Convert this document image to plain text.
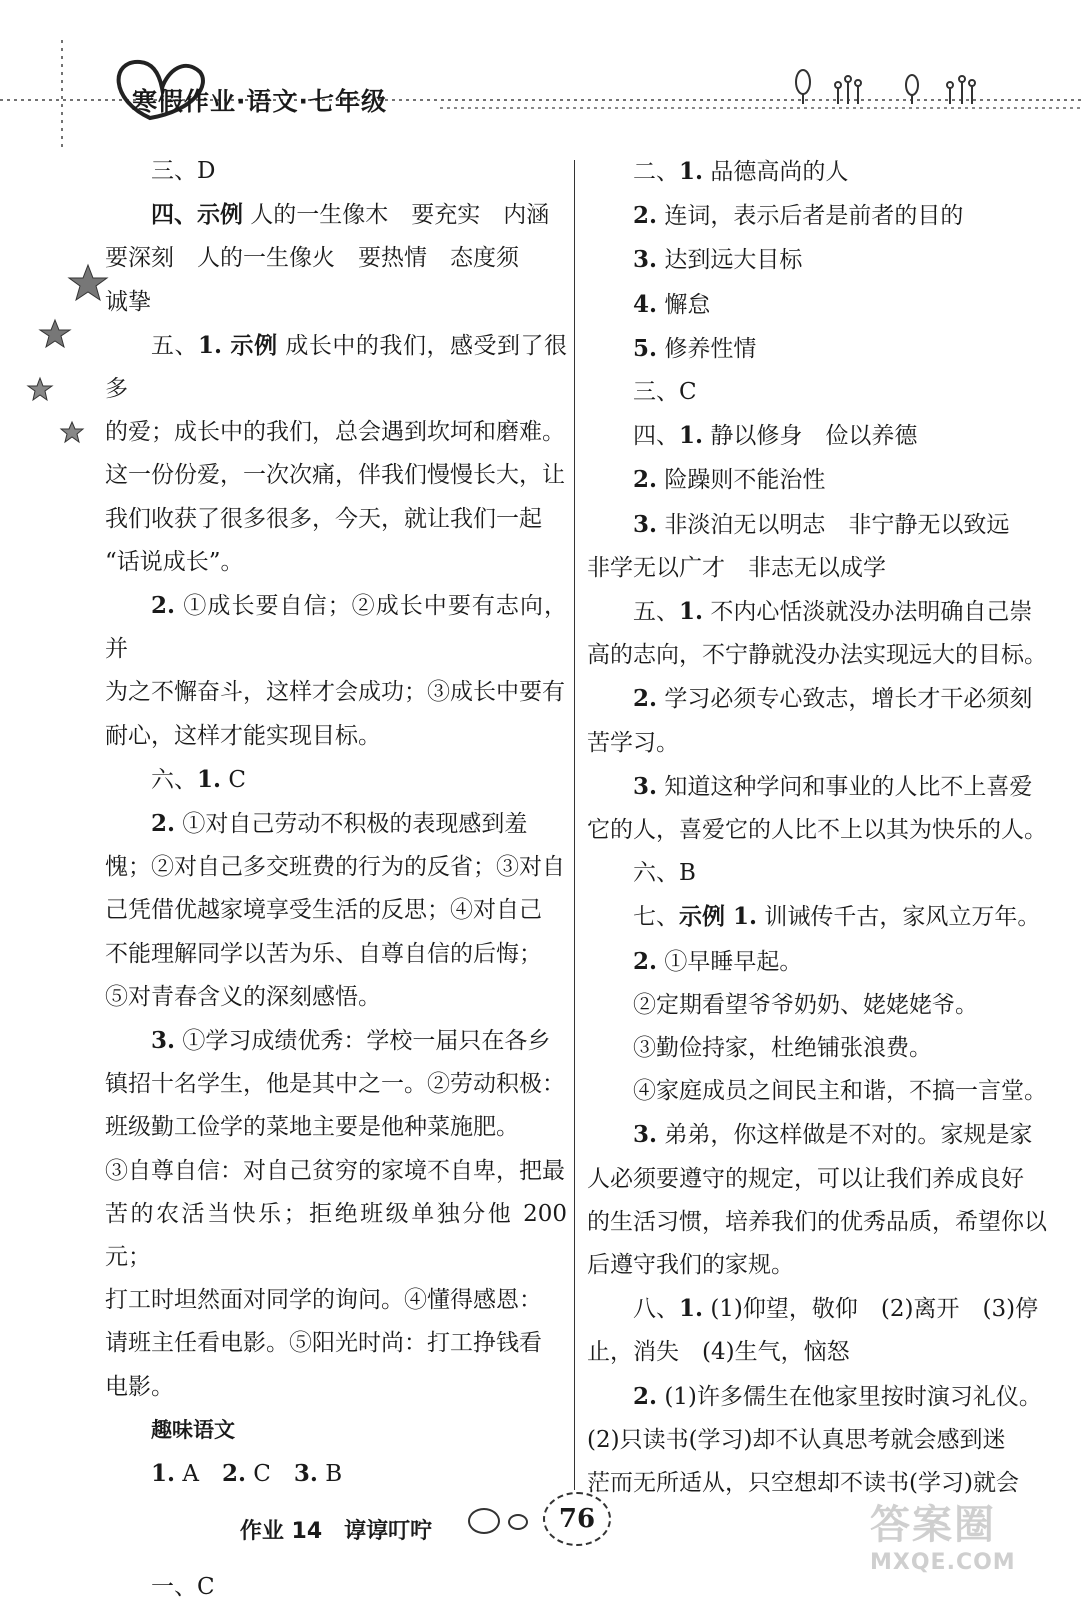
寒假作业·语文·七年级

三、D

四、示例 人的一生像木　要充实　内涵

要深刻　人的一生像火　要热情　态度须

诚挚

五、1. 示例 成长中的我们，感受到了很多

的爱；成长中的我们，总会遇到坎坷和磨难。

这一份份爱，一次次痛，伴我们慢慢长大，让

我们收获了很多很多，今天，就让我们一起

“话说成长”。

2. ①成长要自信；②成长中要有志向，并

为之不懈奋斗，这样才会成功；③成长中要有

耐心，这样才能实现目标。

六、1. C

2. ①对自己劳动不积极的表现感到羞

愧；②对自己多交班费的行为的反省；③对自

己凭借优越家境享受生活的反思；④对自己

不能理解同学以苦为乐、自尊自信的后悔；

⑤对青春含义的深刻感悟。

3. ①学习成绩优秀：学校一届只在各乡

镇招十名学生，他是其中之一。②劳动积极：

班级勤工俭学的菜地主要是他种菜施肥。

③自尊自信：对自己贫穷的家境不自卑，把最

苦的农活当快乐；拒绝班级单独分他 200 元；

打工时坦然面对同学的询问。④懂得感恩：

请班主任看电影。⑤阳光时尚：打工挣钱看

电影。

趣味语文

1. A　2. C　3. B

作业 14　谆谆叮咛

一、C

二、1. 品德高尚的人

2. 连词，表示后者是前者的目的

3. 达到远大目标

4. 懈怠

5. 修养性情

三、C

四、1. 静以修身　俭以养德

2. 险躁则不能治性

3. 非淡泊无以明志　非宁静无以致远

非学无以广才　非志无以成学

五、1. 不内心恬淡就没办法明确自己崇

高的志向，不宁静就没办法实现远大的目标。

2. 学习必须专心致志，增长才干必须刻

苦学习。

3. 知道这种学问和事业的人比不上喜爱

它的人，喜爱它的人比不上以其为快乐的人。

六、B

七、示例 1. 训诫传千古，家风立万年。

2. ①早睡早起。

②定期看望爷爷奶奶、姥姥姥爷。

③勤俭持家，杜绝铺张浪费。

④家庭成员之间民主和谐，不搞一言堂。

3. 弟弟，你这样做是不对的。家规是家

人必须要遵守的规定，可以让我们养成良好

的生活习惯，培养我们的优秀品质，希望你以

后遵守我们的家规。

八、1. (1)仰望，敬仰　(2)离开　(3)停

止，消失　(4)生气，恼怒

2. (1)许多儒生在他家里按时演习礼仪。

(2)只读书(学习)却不认真思考就会感到迷

茫而无所适从，只空想却不读书(学习)就会

76	答案圈
MXQE.COM
